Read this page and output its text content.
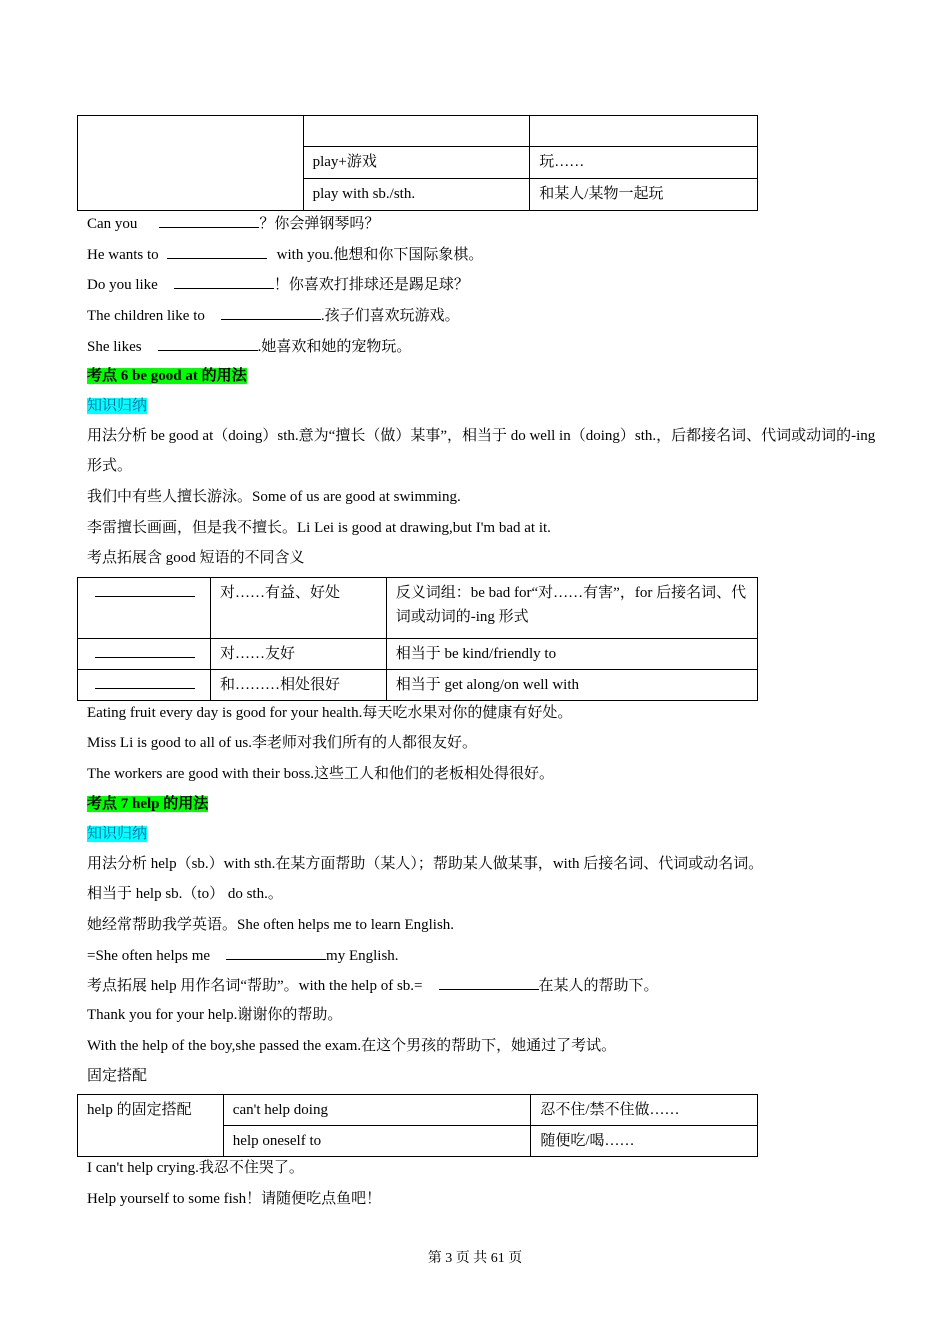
	play+游戏	玩……
	play with sb./sth.	和某人/某物一起玩
Can you	？你会弹钢琴吗？
He wants to	with you.他想和你下国际象棋。
Do you like	！你喜欢打排球还是踢足球？
The children like to	.孩子们喜欢玩游戏。
She likes	.她喜欢和她的宠物玩。
考点 6 be good at 的用法
知识归纳
用法分析 be good at（doing）sth.意为“擅长（做）某事”，相当于 do well in（doing）sth.，后都接名词、代词或动词的-ing 形式。
我们中有些人擅长游泳。Some of us are good at swimming.
李雷擅长画画，但是我不擅长。Li Lei is good at drawing,but I'm bad at it.
考点拓展含 good 短语的不同含义
	对……有益、好处	反义词组：be bad for“对……有害”，for 后接名词、代词或动词的-ing 形式
	对……友好	相当于 be kind/friendly to
	和………相处很好	相当于 get along/on well with
Eating fruit every day is good for your health.每天吃水果对你的健康有好处。
Miss Li is good to all of us.李老师对我们所有的人都很友好。
The workers are good with their boss.这些工人和他们的老板相处得很好。
考点 7 help 的用法
知识归纳
用法分析 help（sb.）with sth.在某方面帮助（某人）；帮助某人做某事，with 后接名词、代词或动名词。
相当于 help sb.（to） do sth.。
她经常帮助我学英语。She often helps me to learn English.
=She often helps me	my English.
考点拓展 help 用作名词“帮助”。with the help of sb.=	在某人的帮助下。
Thank you for your help.谢谢你的帮助。
With the help of the boy,she passed the exam.在这个男孩的帮助下，她通过了考试。
固定搭配
help 的固定搭配	can't help doing	忍不住/禁不住做……
	help oneself to	随便吃/喝……
I can't help crying.我忍不住哭了。
Help yourself to some fish！请随便吃点鱼吧！
第 3 页 共 61 页
